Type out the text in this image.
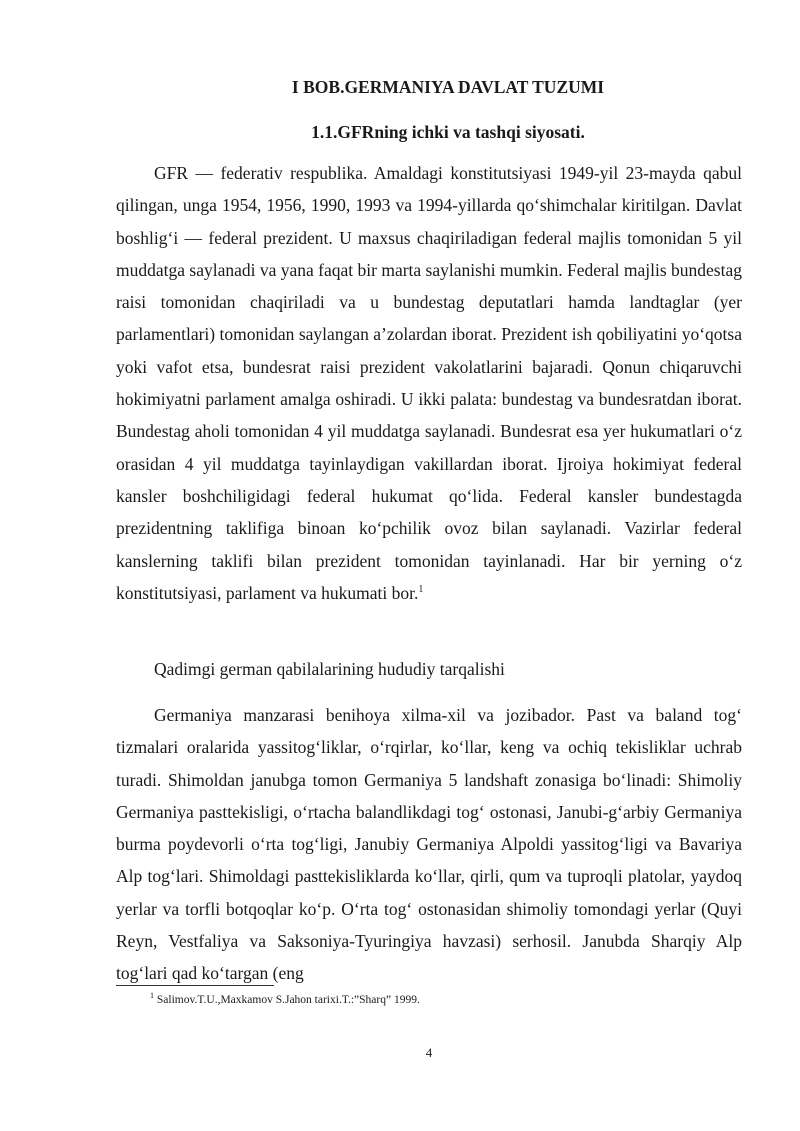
I BOB.GERMANIYA DAVLAT TUZUMI
1.1.GFRning ichki va tashqi siyosati.

GFR — federativ respublika. Amaldagi konstitutsiyasi 1949-yil 23-mayda qabul qilingan, unga 1954, 1956, 1990, 1993 va 1994-yillarda qo‘shimchalar kiritilgan. Davlat boshlig‘i — federal prezident. U maxsus chaqiriladigan federal majlis tomonidan 5 yil muddatga saylanadi va yana faqat bir marta saylanishi mumkin. Federal majlis bundestag raisi tomonidan chaqiriladi va u bundestag deputatlari hamda landtaglar (yer parlamentlari) tomonidan saylangan a’zolardan iborat. Prezident ish qobiliyatini yo‘qotsa yoki vafot etsa, bundesrat raisi prezident vakolatlarini bajaradi. Qonun chiqaruvchi hokimiyatni parlament amalga oshiradi. U ikki palata: bundestag va bundesratdan iborat. Bundestag aholi tomonidan 4 yil muddatga saylanadi. Bundesrat esa yer hukumatlari o‘z orasidan 4 yil muddatga tayinlaydigan vakillardan iborat. Ijroiya hokimiyat federal kansler boshchiligidagi federal hukumat qo‘lida. Federal kansler bundestagda prezidentning taklifiga binoan ko‘pchilik ovoz bilan saylanadi. Vazirlar federal kanslerning taklifi bilan prezident tomonidan tayinlanadi. Har bir yerning o‘z konstitutsiyasi, parlament va hukumati bor.$^1$

Qadimgi german qabilalarining hududiy tarqalishi

Germaniya manzarasi benihoya xilma-xil va jozibador. Past va baland tog‘ tizmalari oralarida yassitog‘liklar, o‘rqirlar, ko‘llar, keng va ochiq tekisliklar uchrab turadi. Shimoldan janubga tomon Germaniya 5 landshaft zonasiga bo‘linadi: Shimoliy Germaniya pasttekisligi, o‘rtacha balandlikdagi tog‘ ostonasi, Janubi-g‘arbiy Germaniya burma poydevorli o‘rta tog‘ligi, Janubiy Germaniya Alpoldi yassitog‘ligi va Bavariya Alp tog‘lari. Shimoldagi pasttekisliklarda ko‘llar, qirli, qum va tuproqli platolar, yaydoq yerlar va torfli botqoqlar ko‘p. O‘rta tog‘ ostonasidan shimoliy tomondagi yerlar (Quyi Reyn, Vestfaliya va Saksoniya-Tyuringiya havzasi) serhosil. Janubda Sharqiy Alp tog‘lari qad ko‘targan (eng

$^1$ Salimov.T.U.,Maxkamov S.Jahon tarixi.T.:”Sharq” 1999.
4
